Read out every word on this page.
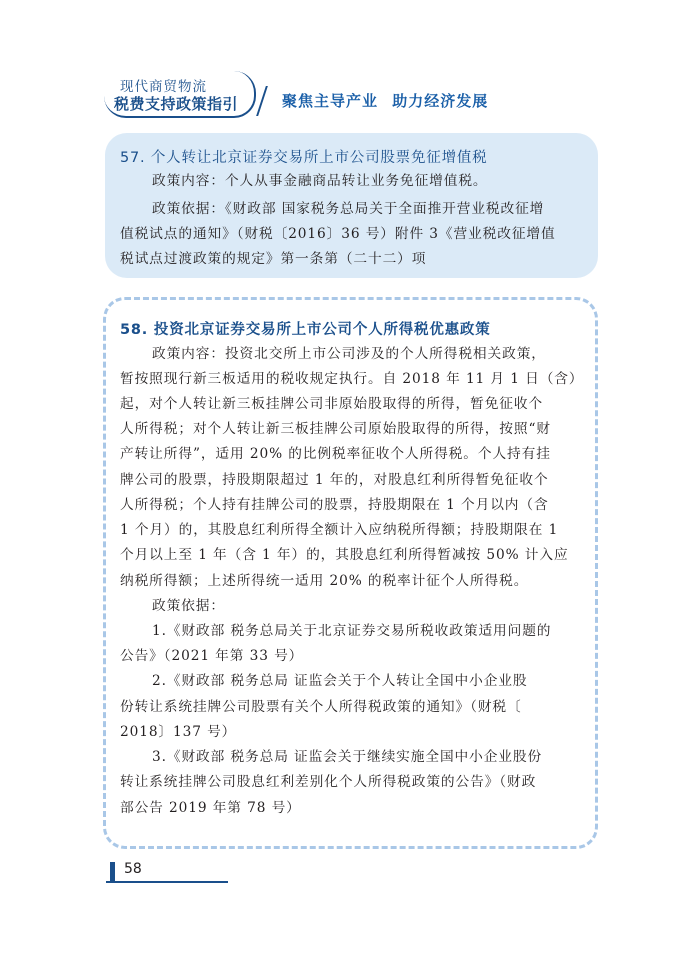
现代商贸物流
税费支持政策指引	聚焦主导产业 助力经济发展
57. 个人转让北京证券交易所上市公司股票免征增值税
政策内容：个人从事金融商品转让业务免征增值税。
政策依据：《财政部 国家税务总局关于全面推开营业税改征增
值税试点的通知》（财税〔2016〕36 号）附件 3《营业税改征增值
税试点过渡政策的规定》第一条第（二十二）项
58. 投资北京证券交易所上市公司个人所得税优惠政策
政策内容：投资北交所上市公司涉及的个人所得税相关政策，
暂按照现行新三板适用的税收规定执行。自 2018 年 11 月 1 日（含）
起，对个人转让新三板挂牌公司非原始股取得的所得，暂免征收个
人所得税；对个人转让新三板挂牌公司原始股取得的所得，按照“财
产转让所得”，适用 20% 的比例税率征收个人所得税。个人持有挂
牌公司的股票，持股期限超过 1 年的，对股息红利所得暂免征收个
人所得税；个人持有挂牌公司的股票，持股期限在 1 个月以内（含
1 个月）的，其股息红利所得全额计入应纳税所得额；持股期限在 1
个月以上至 1 年（含 1 年）的，其股息红利所得暂减按 50% 计入应
纳税所得额；上述所得统一适用 20% 的税率计征个人所得税。
政策依据：
1.《财政部 税务总局关于北京证券交易所税收政策适用问题的
公告》（2021 年第 33 号）
2.《财政部 税务总局 证监会关于个人转让全国中小企业股
份转让系统挂牌公司股票有关个人所得税政策的通知》（财税〔
2018〕137 号）
3.《财政部 税务总局 证监会关于继续实施全国中小企业股份
转让系统挂牌公司股息红利差别化个人所得税政策的公告》（财政
部公告 2019 年第 78 号）
58
